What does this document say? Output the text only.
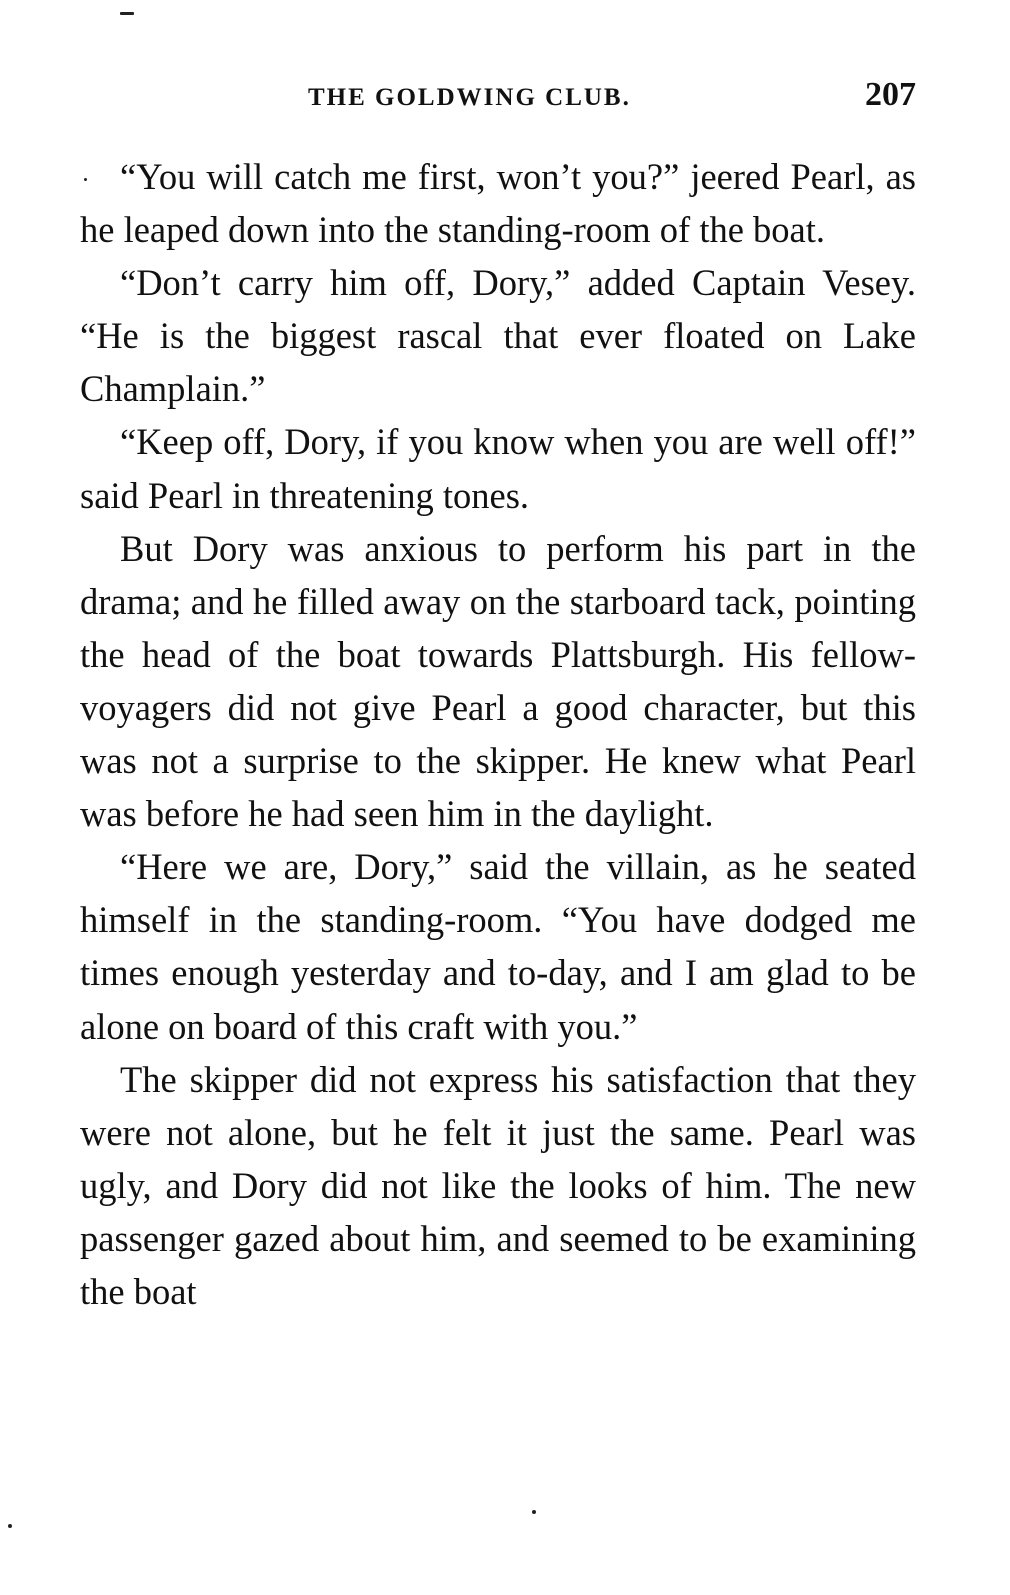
THE GOLDWING CLUB.	207

“You will catch me first, won’t you?” jeered Pearl, as he leaped down into the standing-room of the boat.

“Don’t carry him off, Dory,” added Captain Vesey. “He is the biggest rascal that ever floated on Lake Champlain.”

“Keep off, Dory, if you know when you are well off!” said Pearl in threatening tones.

But Dory was anxious to perform his part in the drama; and he filled away on the starboard tack, pointing the head of the boat towards Plattsburgh. His fellow-voyagers did not give Pearl a good character, but this was not a surprise to the skipper. He knew what Pearl was before he had seen him in the daylight.

“Here we are, Dory,” said the villain, as he seated himself in the standing-room. “You have dodged me times enough yesterday and to-day, and I am glad to be alone on board of this craft with you.”

The skipper did not express his satisfaction that they were not alone, but he felt it just the same. Pearl was ugly, and Dory did not like the looks of him. The new passenger gazed about him, and seemed to be examining the boat
